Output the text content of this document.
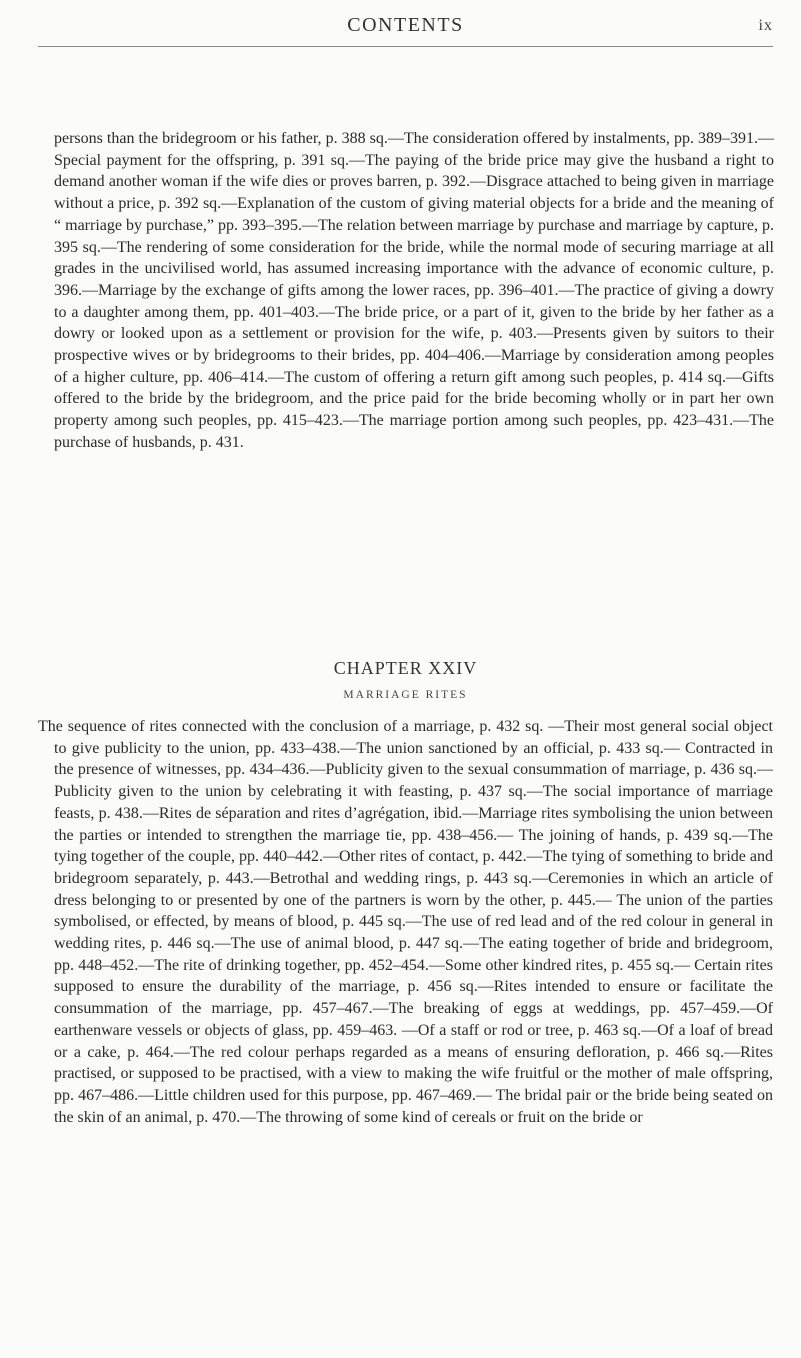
CONTENTS	ix

persons than the bridegroom or his father, p. 388 sq.—The consideration offered by instalments, pp. 389–391.—Special payment for the offspring, p. 391 sq.—The paying of the bride price may give the husband a right to demand another woman if the wife dies or proves barren, p. 392.—Disgrace attached to being given in marriage without a price, p. 392 sq.—Explanation of the custom of giving material objects for a bride and the meaning of “ marriage by purchase,” pp. 393–395.—The relation between marriage by purchase and marriage by capture, p. 395 sq.—The rendering of some consideration for the bride, while the normal mode of securing marriage at all grades in the uncivilised world, has assumed increasing importance with the advance of economic culture, p. 396.—Marriage by the exchange of gifts among the lower races, pp. 396–401.—The practice of giving a dowry to a daughter among them, pp. 401–403.—The bride price, or a part of it, given to the bride by her father as a dowry or looked upon as a settlement or provision for the wife, p. 403.—Presents given by suitors to their prospective wives or by bridegrooms to their brides, pp. 404–406.—Marriage by consideration among peoples of a higher culture, pp. 406–414.—The custom of offering a return gift among such peoples, p. 414 sq.—Gifts offered to the bride by the bridegroom, and the price paid for the bride becoming wholly or in part her own property among such peoples, pp. 415–423.—The marriage portion among such peoples, pp. 423–431.—The purchase of husbands, p. 431.

CHAPTER XXIV
MARRIAGE RITES

The sequence of rites connected with the conclusion of a marriage, p. 432 sq. —Their most general social object to give publicity to the union, pp. 433–438.—The union sanctioned by an official, p. 433 sq.— Contracted in the presence of witnesses, pp. 434–436.—Publicity given to the sexual consummation of marriage, p. 436 sq.—Publicity given to the union by celebrating it with feasting, p. 437 sq.—The social importance of marriage feasts, p. 438.—Rites de séparation and rites d’agrégation, ibid.—Marriage rites symbolising the union between the parties or intended to strengthen the marriage tie, pp. 438–456.— The joining of hands, p. 439 sq.—The tying together of the couple, pp. 440–442.—Other rites of contact, p. 442.—The tying of something to bride and bridegroom separately, p. 443.—Betrothal and wedding rings, p. 443 sq.—Ceremonies in which an article of dress belonging to or presented by one of the partners is worn by the other, p. 445.— The union of the parties symbolised, or effected, by means of blood, p. 445 sq.—The use of red lead and of the red colour in general in wedding rites, p. 446 sq.—The use of animal blood, p. 447 sq.—The eating together of bride and bridegroom, pp. 448–452.—The rite of drinking together, pp. 452–454.—Some other kindred rites, p. 455 sq.— Certain rites supposed to ensure the durability of the marriage, p. 456 sq.—Rites intended to ensure or facilitate the consummation of the marriage, pp. 457–467.—The breaking of eggs at weddings, pp. 457–459.—Of earthenware vessels or objects of glass, pp. 459–463. —Of a staff or rod or tree, p. 463 sq.—Of a loaf of bread or a cake, p. 464.—The red colour perhaps regarded as a means of ensuring defloration, p. 466 sq.—Rites practised, or supposed to be practised, with a view to making the wife fruitful or the mother of male offspring, pp. 467–486.—Little children used for this purpose, pp. 467–469.— The bridal pair or the bride being seated on the skin of an animal, p. 470.—The throwing of some kind of cereals or fruit on the bride or
